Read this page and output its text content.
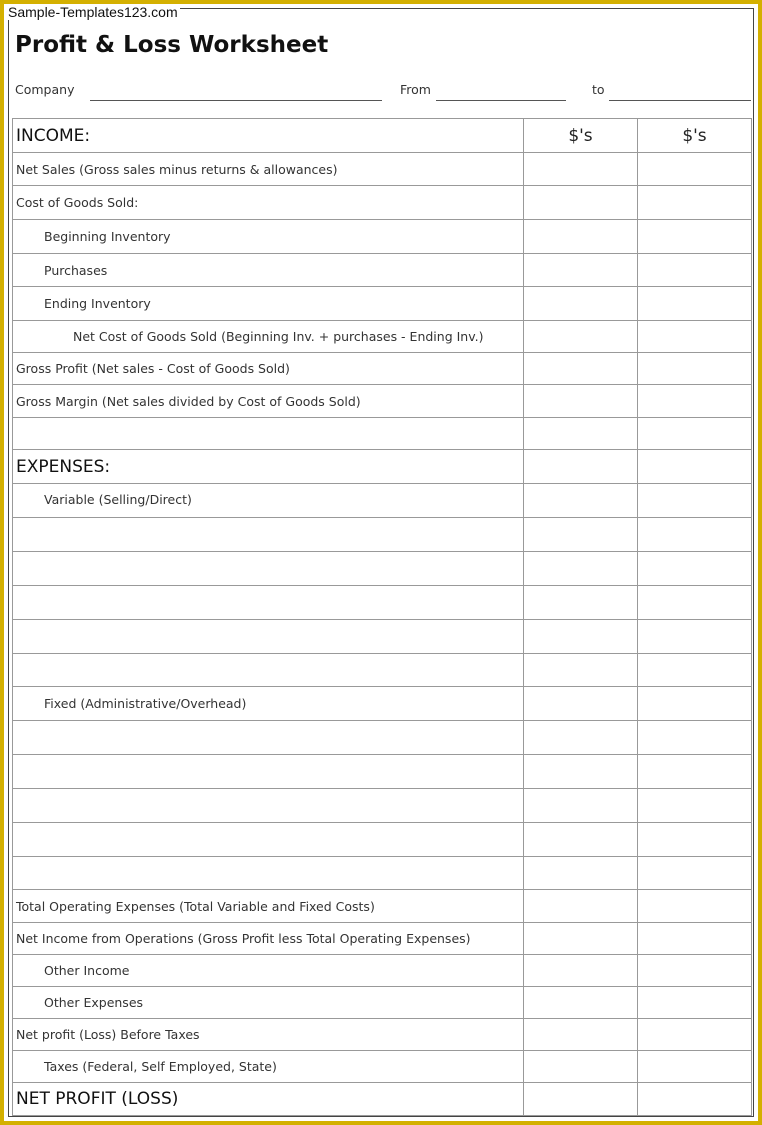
Sample-Templates123.com
Profit & Loss Worksheet
Company	From	to
INCOME:	$'s	$'s
Net Sales (Gross sales minus returns & allowances)		
Cost of Goods Sold:		
Beginning Inventory		
Purchases		
Ending Inventory		
Net Cost of Goods Sold (Beginning Inv. + purchases - Ending Inv.)		
Gross Profit (Net sales - Cost of Goods Sold)		
Gross Margin (Net sales divided by Cost of Goods Sold)		

EXPENSES:		
Variable (Selling/Direct)		

Fixed (Administrative/Overhead)		

Total Operating Expenses (Total Variable and Fixed Costs)		
Net Income from Operations (Gross Profit less Total Operating Expenses)		
Other Income		
Other Expenses		
Net profit (Loss) Before Taxes		
Taxes (Federal, Self Employed, State)		
NET PROFIT (LOSS)		
